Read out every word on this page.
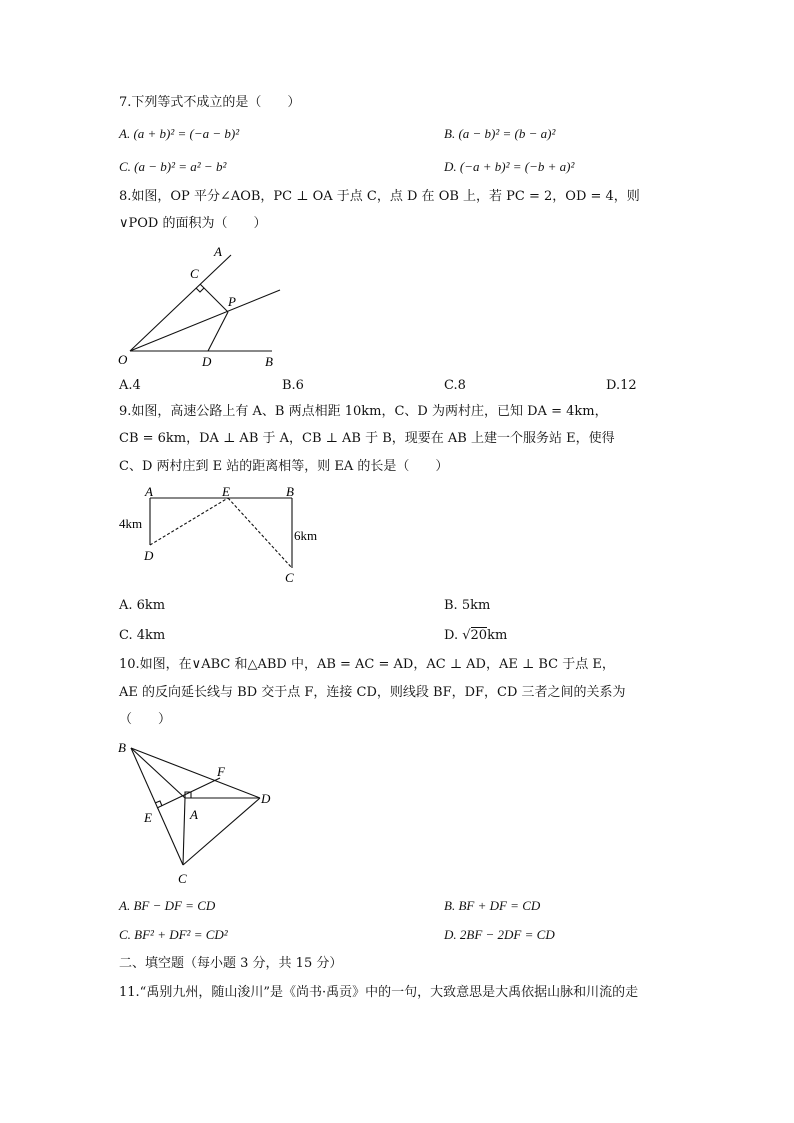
7.下列等式不成立的是（　　）
A. (a + b)² = (−a − b)²	B. (a − b)² = (b − a)²
C. (a − b)² = a² − b²	D. (−a + b)² = (−b + a)²
8.如图，OP 平分∠AOB，PC ⊥ OA 于点 C，点 D 在 OB 上，若 PC = 2，OD = 4，则
∨POD 的面积为（　　）
A
C
P
O	D	B
A.4	B.6	C.8	D.12
9.如图，高速公路上有 A、B 两点相距 10km，C、D 为两村庄，已知 DA = 4km，
CB = 6km，DA ⊥ AB 于 A，CB ⊥ AB 于 B，现要在 AB 上建一个服务站 E，使得
C、D 两村庄到 E 站的距离相等，则 EA 的长是（　　）
A	E	B
D
C
4km
6km
A. 6km	B. 5km
C. 4km	D. √20km
10.如图，在∨ABC 和△ABD 中，AB = AC = AD，AC ⊥ AD，AE ⊥ BC 于点 E，
AE 的反向延长线与 BD 交于点 F，连接 CD，则线段 BF，DF，CD 三者之间的关系为
（　　）
B
F
D
E	A
C
A. BF − DF = CD	B. BF + DF = CD
C. BF² + DF² = CD²	D. 2BF − 2DF = CD
二、填空题（每小题 3 分，共 15 分）
11.“禹别九州，随山浚川”是《尚书·禹贡》中的一句，大致意思是大禹依据山脉和川流的走
